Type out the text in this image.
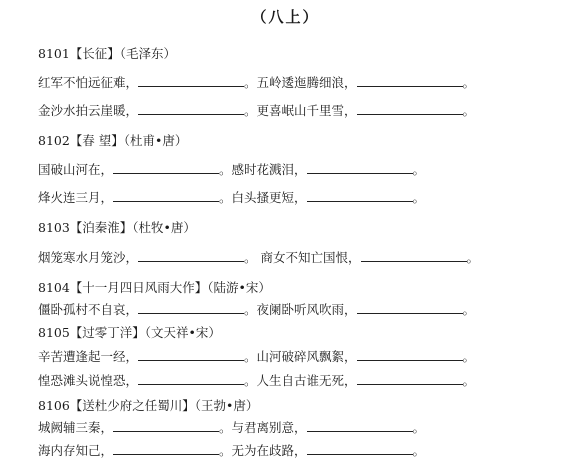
（八上）
8101【长征】（毛泽东）
红军不怕远征难，	。五岭逶迤腾细浪，	。
金沙水拍云崖暖，	。更喜岷山千里雪，	。
8102【春 望】（杜甫•唐）
国破山河在，	。感时花溅泪，	。
烽火连三月，	。白头搔更短，	。
8103【泊秦淮】（杜牧•唐）
烟笼寒水月笼沙，	。 商女不知亡国恨，	。
8104【十一月四日风雨大作】（陆游•宋）
僵卧孤村不自哀，	。夜阑卧听风吹雨，	。
8105【过零丁洋】（文天祥•宋）
辛苦遭逢起一经，	。山河破碎风飘絮，	。
惶恐滩头说惶恐，	。人生自古谁无死，	。
8106【送杜少府之任蜀川】（王勃•唐）
城阙辅三秦，	。与君离别意，	。
海内存知己，	。无为在歧路，	。
